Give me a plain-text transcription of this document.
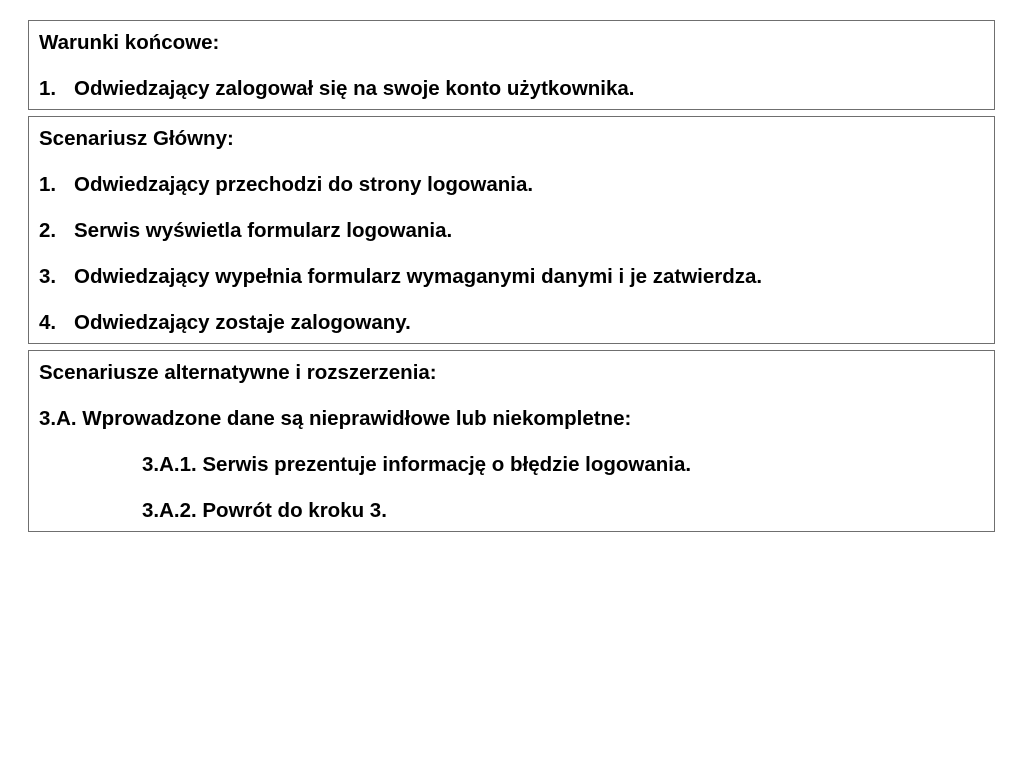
Warunki końcowe:
1. Odwiedzający zalogował się na swoje konto użytkownika.
Scenariusz Główny:
1. Odwiedzający przechodzi do strony logowania.
2. Serwis wyświetla formularz logowania.
3. Odwiedzający wypełnia formularz wymaganymi danymi i je zatwierdza.
4. Odwiedzający zostaje zalogowany.
Scenariusze alternatywne i rozszerzenia:
3.A. Wprowadzone dane są nieprawidłowe lub niekompletne:
3.A.1. Serwis prezentuje informację o błędzie logowania.
3.A.2. Powrót do kroku 3.
